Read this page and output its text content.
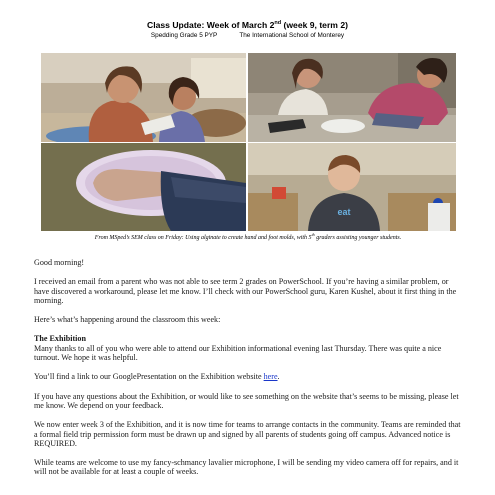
Class Update: Week of March 2nd (week 9, term 2)
Spedding Grade 5 PYP	The International School of Monterey
eat
From MSped’s SEM class on Friday: Using alginate to create hand and foot molds, with 5th graders assisting younger students.

Good morning!

I received an email from a parent who was not able to see term 2 grades on PowerSchool. If you’re having a similar problem, or have discovered a workaround, please let me know. I’ll check with our PowerSchool guru, Karen Kushel, about it first thing in the morning.

Here’s what’s happening around the classroom this week:

The Exhibition

Many thanks to all of you who were able to attend our Exhibition informational evening last Thursday. There was quite a nice turnout. We hope it was helpful.

You’ll find a link to our GooglePresentation on the Exhibition website here.

If you have any questions about the Exhibition, or would like to see something on the website that’s seems to be missing, please let me know. We depend on your feedback.

We now enter week 3 of the Exhibition, and it is now time for teams to arrange contacts in the community. Teams are reminded that a formal field trip permission form must be drawn up and signed by all parents of students going off campus. Advanced notice is REQUIRED.

While teams are welcome to use my fancy-schmancy lavalier microphone, I will be sending my video camera off for repairs, and it will not be available for at least a couple of weeks.
